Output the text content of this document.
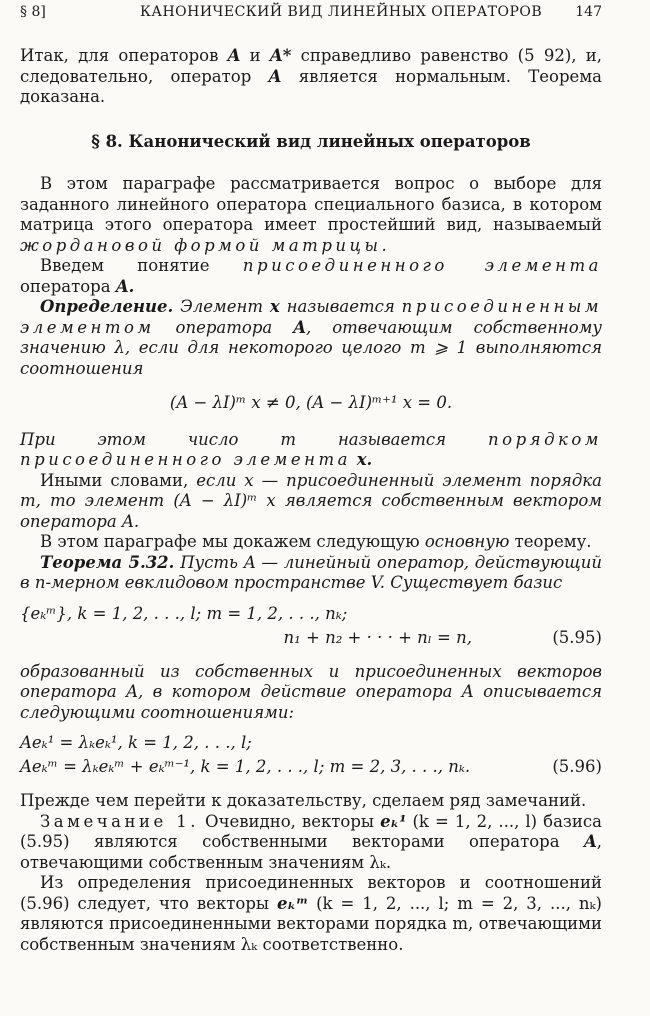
§ 8]	КАНОНИЧЕСКИЙ ВИД ЛИНЕЙНЫХ ОПЕРАТОРОВ 147

Итак, для операторов A и A* справедливо равенство (5 92), и, следовательно, оператор A является нормальным. Теорема доказана.

§ 8. Канонический вид линейных операторов

В этом параграфе рассматривается вопрос о выборе для заданного линейного оператора специального базиса, в котором матрица этого оператора имеет простейший вид, называемый жордановой формой матрицы.

Введем понятие присоединенного элемента оператора A.

Определение. Элемент x называется присоединенным элементом оператора A, отвечающим собственному значению λ, если для некоторого целого m ⩾ 1 выполняются соотношения

(A − λI)ᵐ x ≠ 0, (A − λI)ᵐ⁺¹ x = 0.

При этом число m называется порядком присоединенного элемента x.

Иными словами, если x — присоединенный элемент порядка m, то элемент (A − λI)ᵐ x является собственным вектором оператора A.

В этом параграфе мы докажем следующую основную теорему.

Теорема 5.32. Пусть A — линейный оператор, действующий в n-мерном евклидовом пространстве V. Существует базис

{eₖᵐ}, k = 1, 2, . . ., l; m = 1, 2, . . ., nₖ;
n₁ + n₂ + · · · + nₗ = n,	(5.95)

образованный из собственных и присоединенных векторов оператора A, в котором действие оператора A описывается следующими соотношениями:

Aeₖ¹ = λₖeₖ¹, k = 1, 2, . . ., l;
Aeₖᵐ = λₖeₖᵐ + eₖᵐ⁻¹, k = 1, 2, . . ., l; m = 2, 3, . . ., nₖ.	(5.96)

Прежде чем перейти к доказательству, сделаем ряд замечаний.

Замечание 1. Очевидно, векторы eₖ¹ (k = 1, 2, ..., l) базиса (5.95) являются собственными векторами оператора A, отвечающими собственным значениям λₖ.

Из определения присоединенных векторов и соотношений (5.96) следует, что векторы eₖᵐ (k = 1, 2, ..., l; m = 2, 3, ..., nₖ) являются присоединенными векторами порядка m, отвечающими собственным значениям λₖ соответственно.
